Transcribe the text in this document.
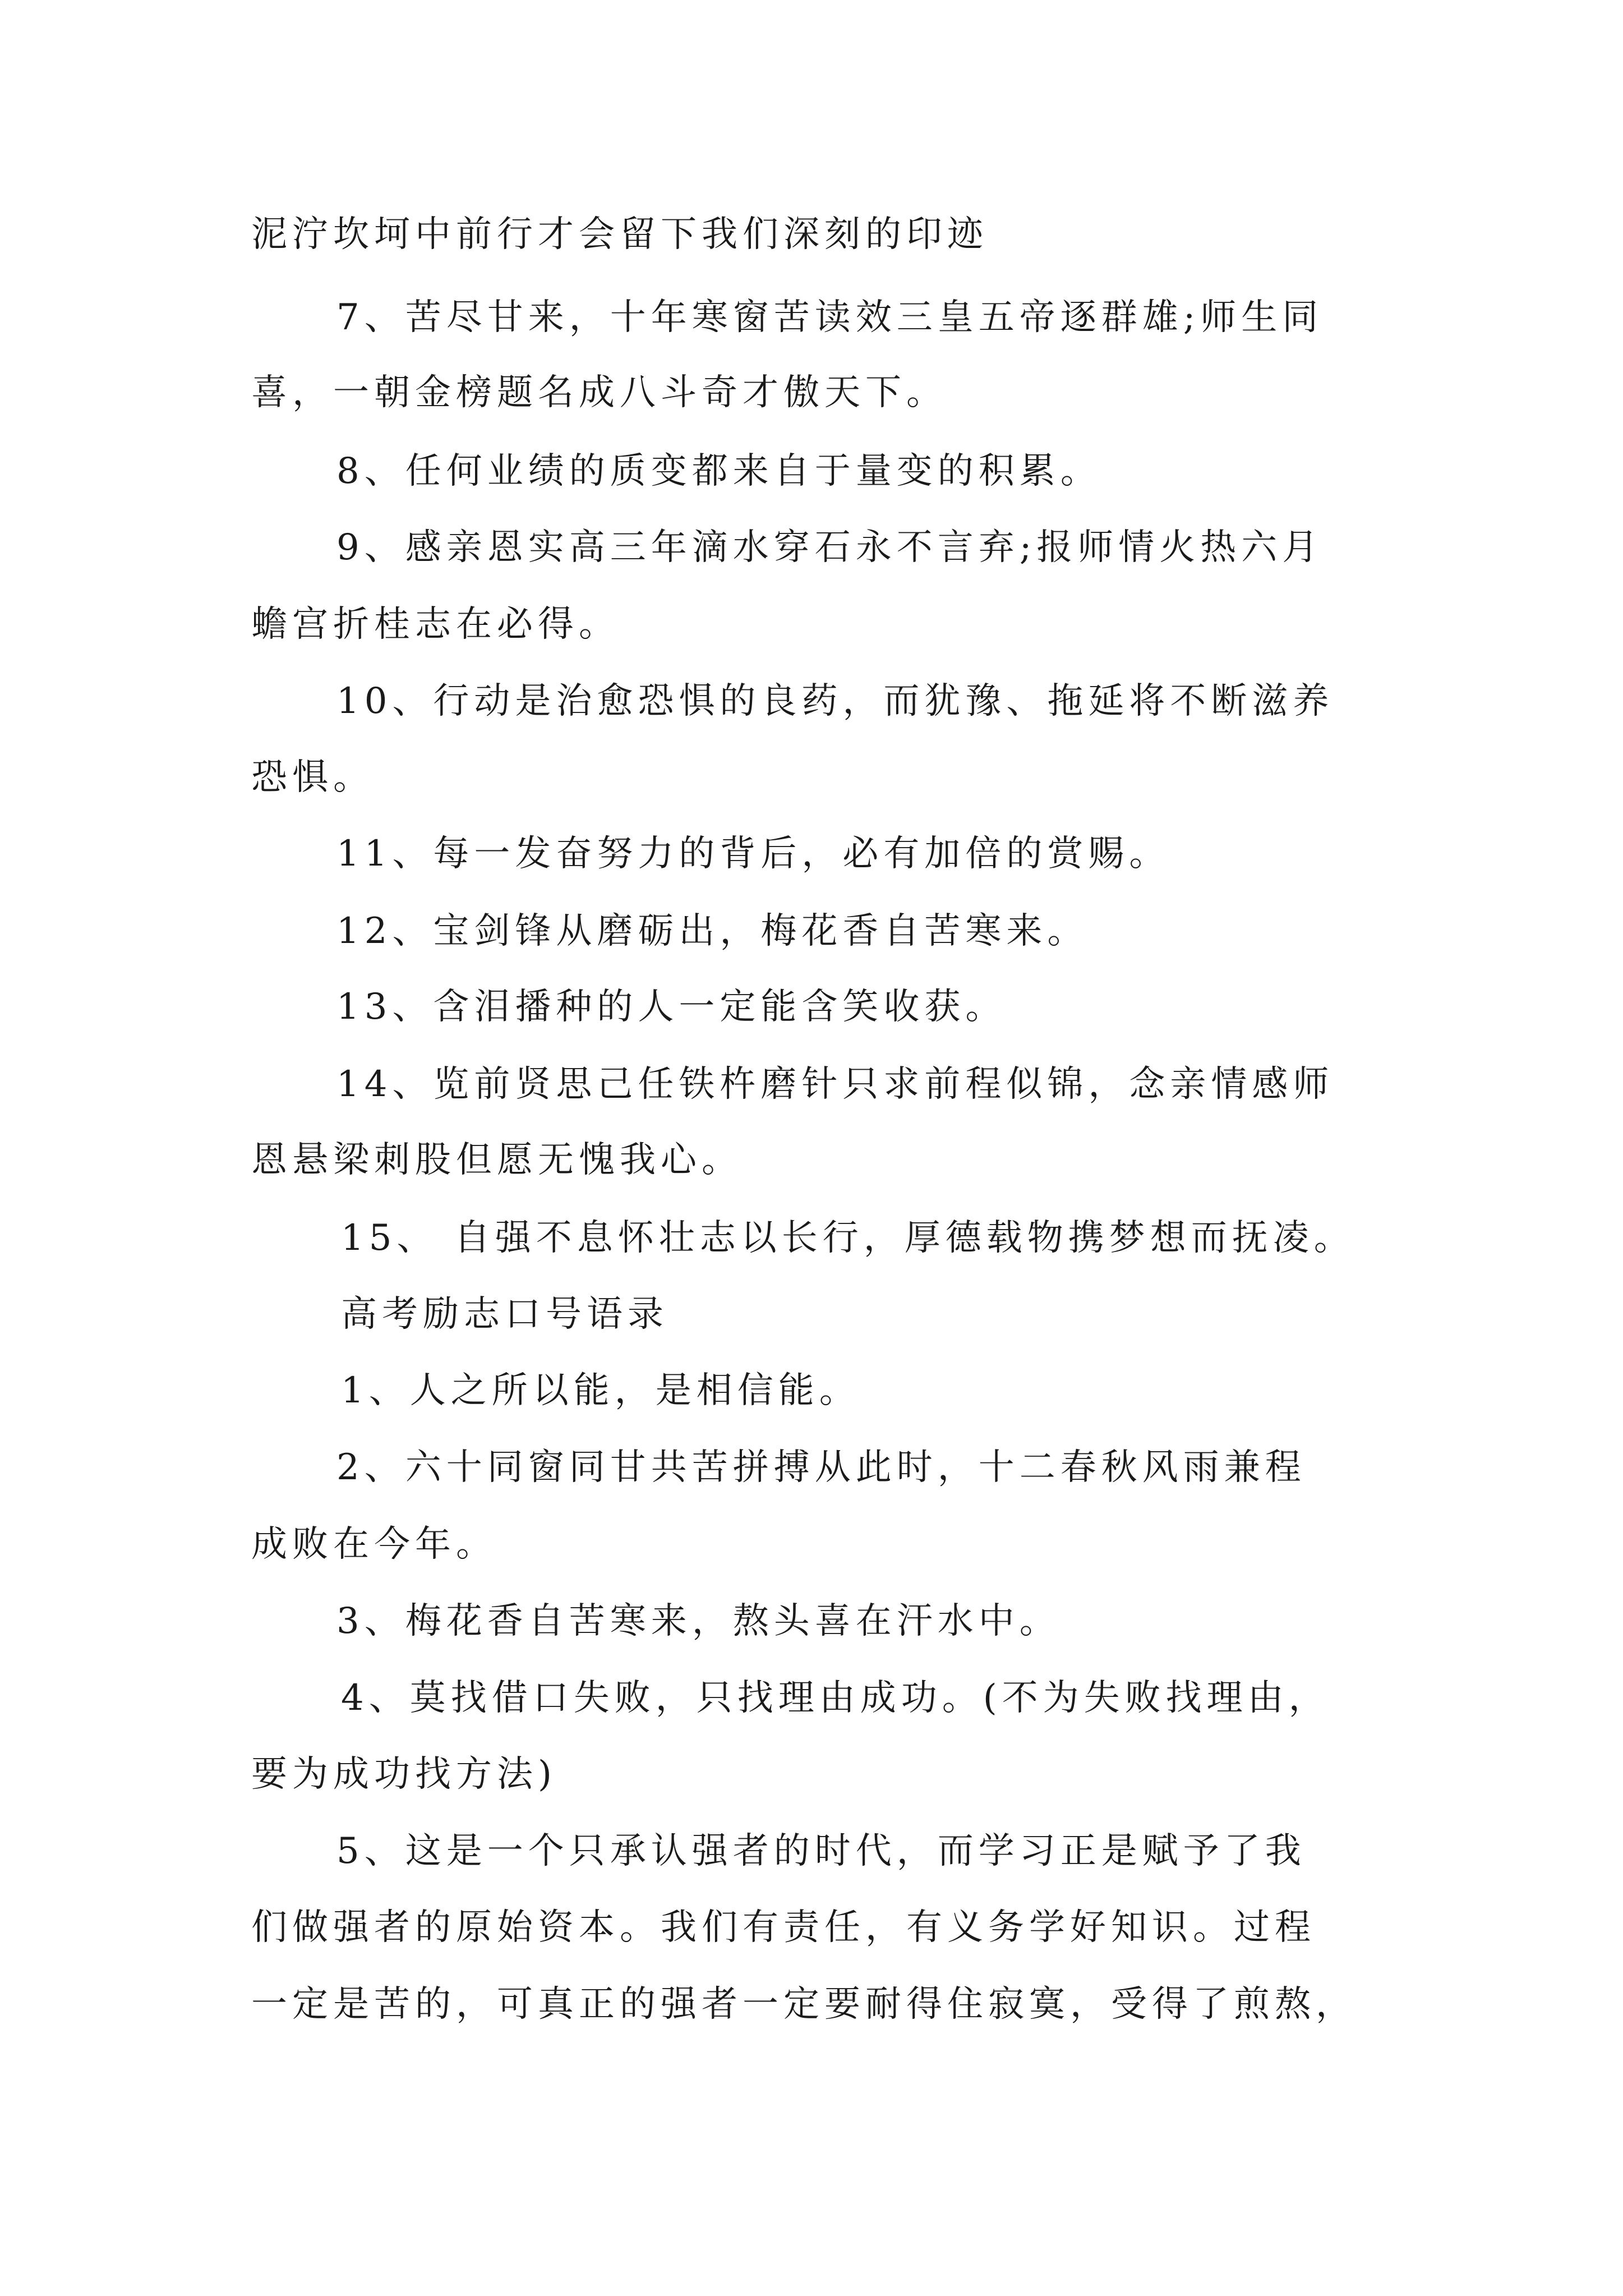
泥泞坎坷中前行才会留下我们深刻的印迹
7、苦尽甘来，十年寒窗苦读效三皇五帝逐群雄;师生同
喜，一朝金榜题名成八斗奇才傲天下。
8、任何业绩的质变都来自于量变的积累。
9、感亲恩实高三年滴水穿石永不言弃;报师情火热六月
蟾宫折桂志在必得。
10、行动是治愈恐惧的良药，而犹豫、拖延将不断滋养
恐惧。
11、每一发奋努力的背后，必有加倍的赏赐。
12、宝剑锋从磨砺出，梅花香自苦寒来。
13、含泪播种的人一定能含笑收获。
14、览前贤思己任铁杵磨针只求前程似锦，念亲情感师
恩悬梁刺股但愿无愧我心。
15、 自强不息怀壮志以长行，厚德载物携梦想而抚凌。
高考励志口号语录
1、人之所以能，是相信能。
2、六十同窗同甘共苦拼搏从此时，十二春秋风雨兼程
成败在今年。
3、梅花香自苦寒来，熬头喜在汗水中。
4、莫找借口失败，只找理由成功。(不为失败找理由，
要为成功找方法)
5、这是一个只承认强者的时代，而学习正是赋予了我
们做强者的原始资本。我们有责任，有义务学好知识。过程
一定是苦的，可真正的强者一定要耐得住寂寞，受得了煎熬，
